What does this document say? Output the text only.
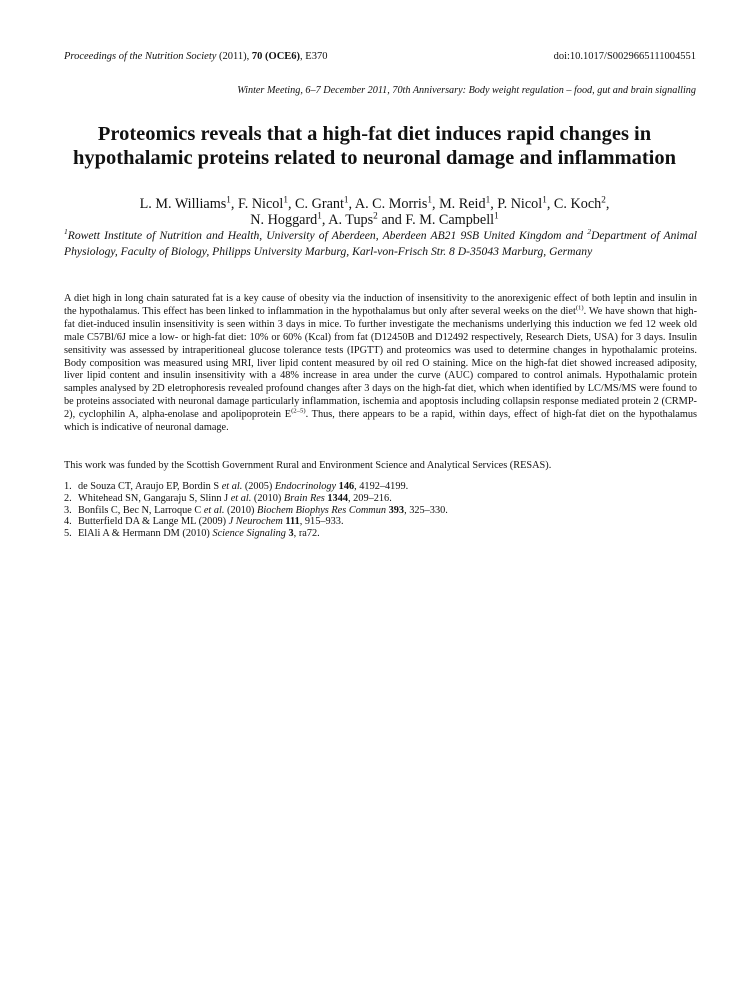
Proceedings of the Nutrition Society (2011), 70 (OCE6), E370	doi:10.1017/S0029665111004551
Winter Meeting, 6–7 December 2011, 70th Anniversary: Body weight regulation – food, gut and brain signalling
Proteomics reveals that a high-fat diet induces rapid changes in
hypothalamic proteins related to neuronal damage and inflammation
L. M. Williams$^1$, F. Nicol$^1$, C. Grant$^1$, A. C. Morris$^1$, M. Reid$^1$, P. Nicol$^1$, C. Koch$^2$,
N. Hoggard$^1$, A. Tups$^2$ and F. M. Campbell$^1$
$^1$Rowett Institute of Nutrition and Health, University of Aberdeen, Aberdeen AB21 9SB United Kingdom and $^2$Department of Animal Physiology, Faculty of Biology, Philipps University Marburg, Karl-von-Frisch Str. 8 D-35043 Marburg, Germany
A diet high in long chain saturated fat is a key cause of obesity via the induction of insensitivity to the anorexigenic effect of both leptin and insulin in the hypothalamus. This effect has been linked to inflammation in the hypothalamus but only after several weeks on the diet$^{(1)}$. We have shown that high-fat diet-induced insulin insensitivity is seen within 3 days in mice. To further investigate the mechanisms underlying this induction we fed 12 week old male C57Bl/6J mice a low- or high-fat diet: 10% or 60% (Kcal) from fat (D12450B and D12492 respectively, Research Diets, USA) for 3 days. Insulin sensitivity was assessed by intraperitioneal glucose tolerance tests (IPGTT) and proteomics was used to determine changes in hypothalamic proteins. Body composition was measured using MRI, liver lipid content measured by oil red O staining. Mice on the high-fat diet showed increased adiposity, liver lipid content and insulin insensitivity with a 48% increase in area under the curve (AUC) compared to control animals. Hypothalamic protein samples analysed by 2D eletrophoresis revealed profound changes after 3 days on the high-fat diet, which when identified by LC/MS/MS were found to be proteins associated with neuronal damage particularly inflammation, ischemia and apoptosis including collapsin response mediated protein 2 (CRMP-2), cyclophilin A, alpha-enolase and apolipoprotein $E^{(2-5)}$. Thus, there appears to be a rapid, within days, effect of high-fat diet on the hypothalamus which is indicative of neuronal damage.
This work was funded by the Scottish Government Rural and Environment Science and Analytical Services (RESAS).
1. de Souza CT, Araujo EP, Bordin S et al. (2005) Endocrinology 146, 4192–4199.
2. Whitehead SN, Gangaraju S, Slinn J et al. (2010) Brain Res 1344, 209–216.
3. Bonfils C, Bec N, Larroque C et al. (2010) Biochem Biophys Res Commun 393, 325–330.
4. Butterfield DA & Lange ML (2009) J Neurochem 111, 915–933.
5. ElAli A & Hermann DM (2010) Science Signaling 3, ra72.
